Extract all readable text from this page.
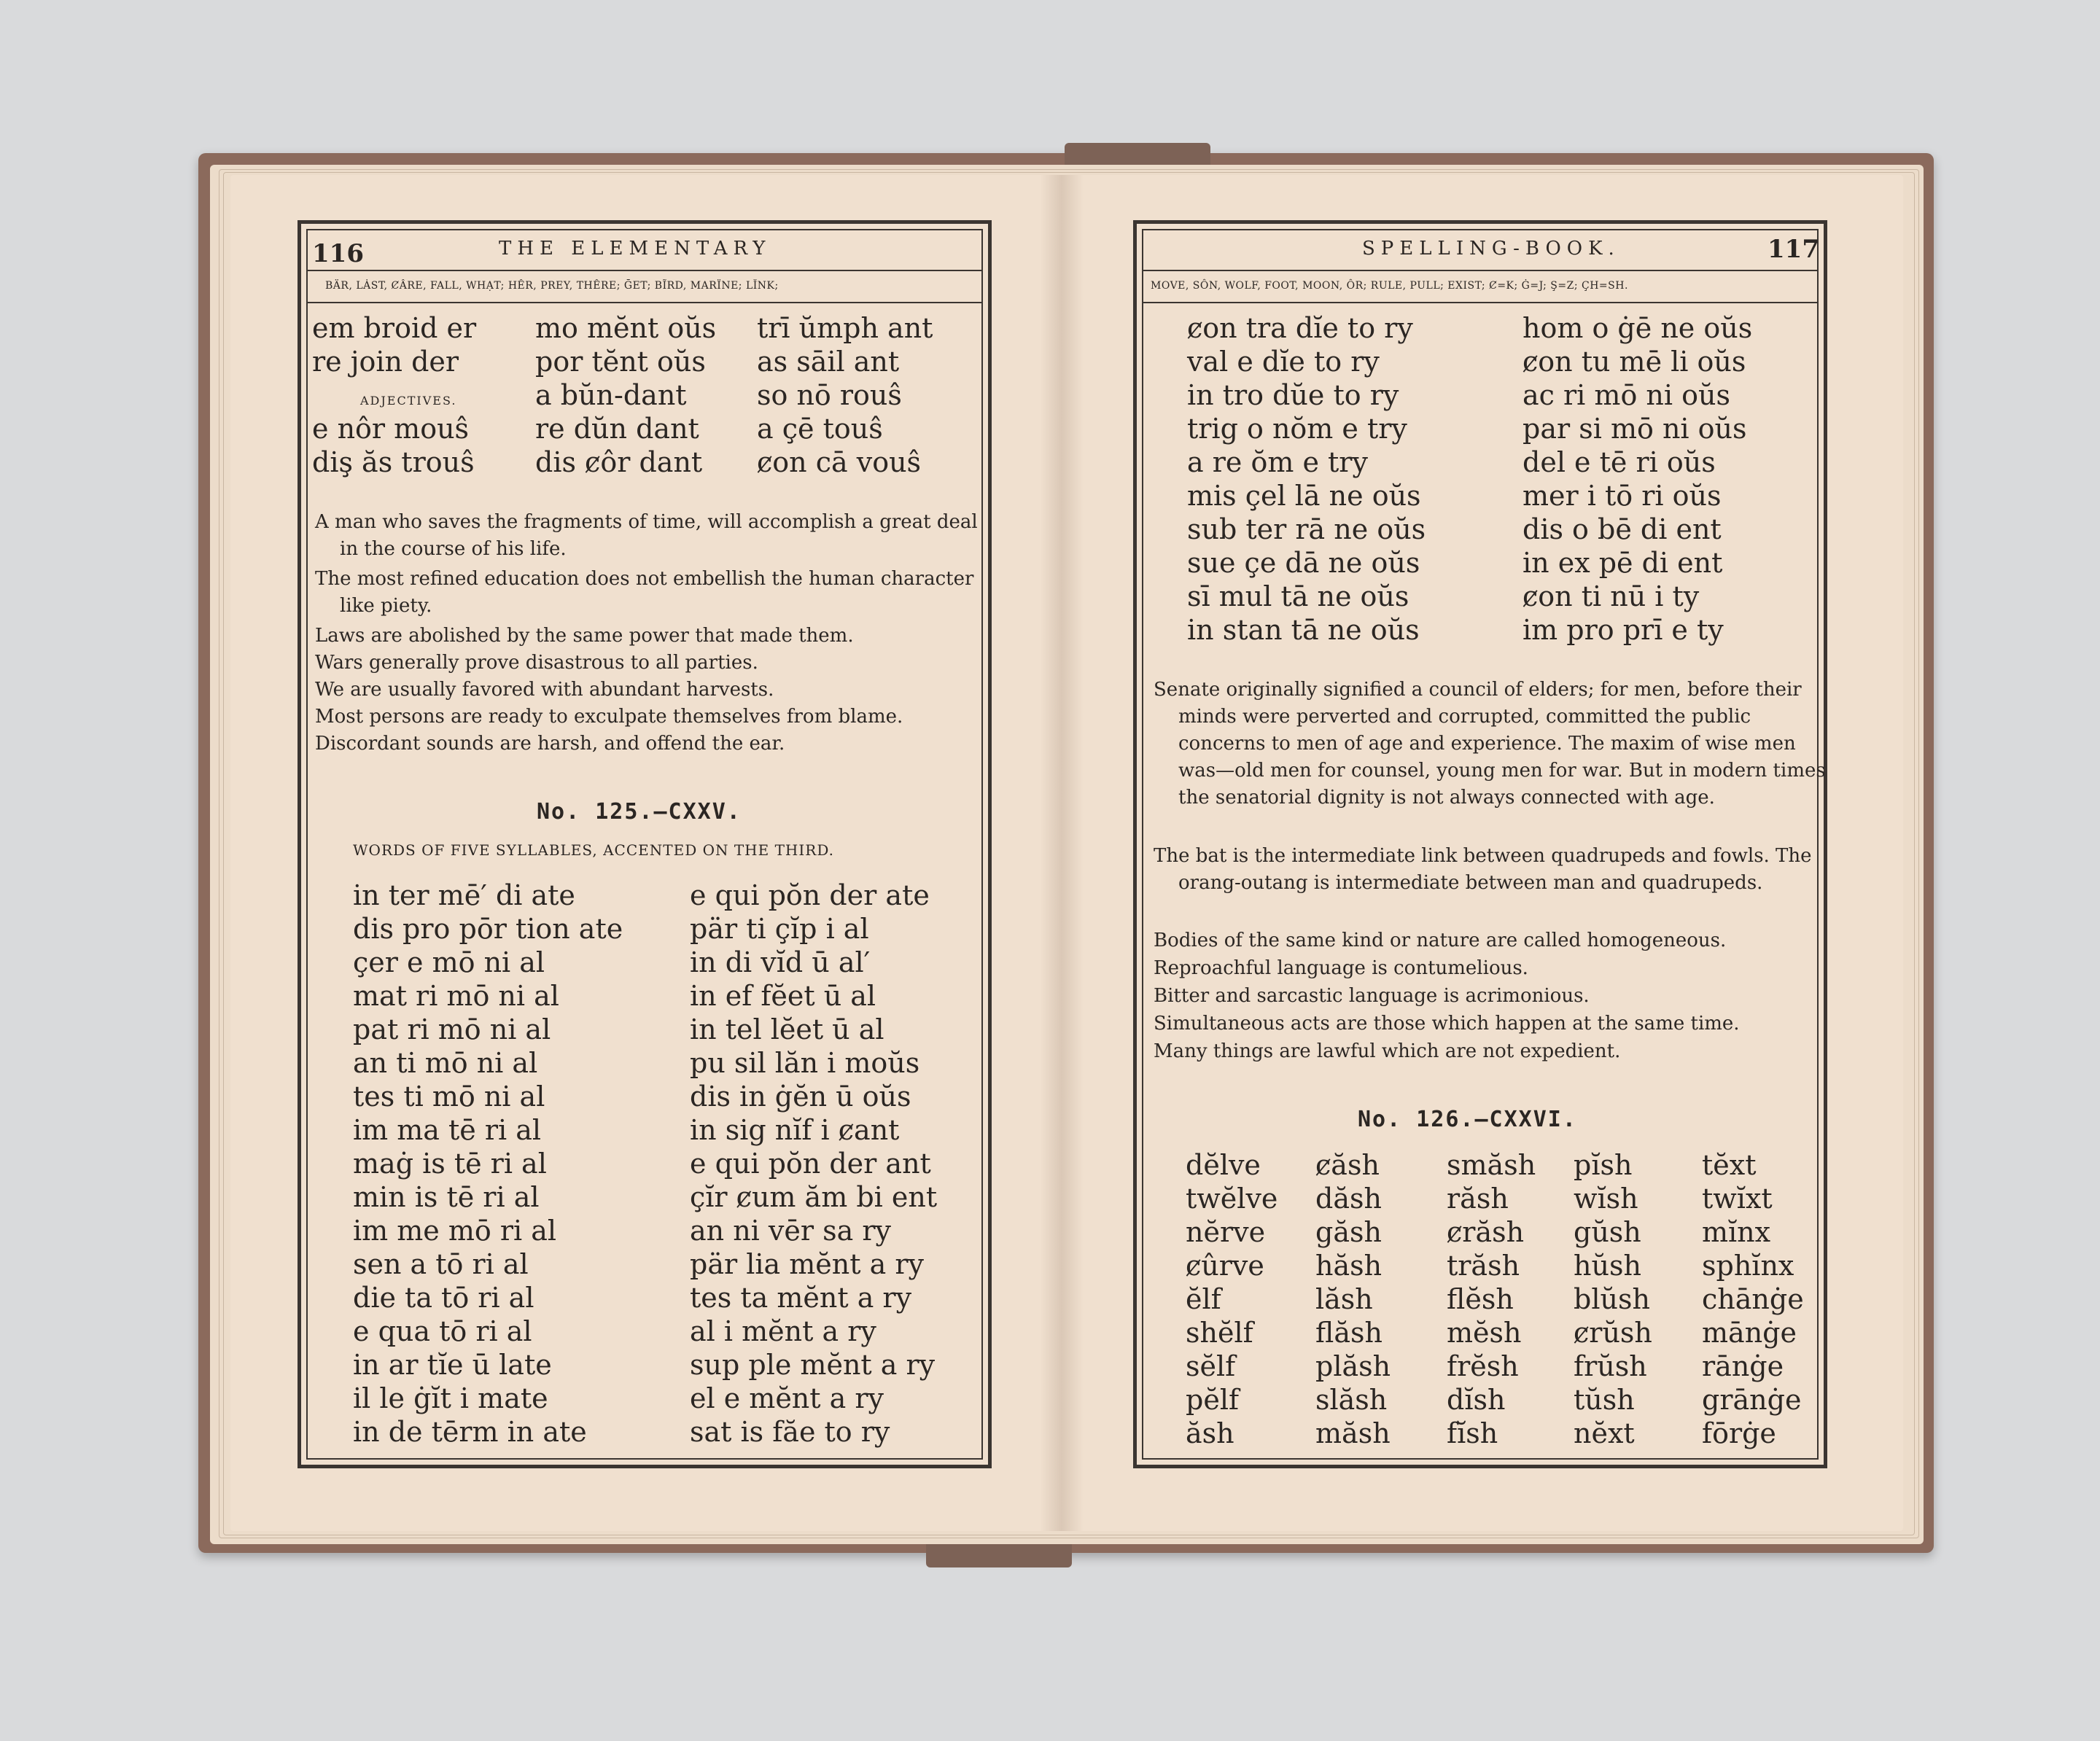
116	THE ELEMENTARY
BÄR, LȦST, ȻÂRE, FALL, WHẠT; HÊR, PREY, THÊRE; ḠET; BĨRD, MARÏNE; LĬNK;
em broid er
re join der
ADJECTIVES.
e nôr mouŝ
diş ăs trouŝ
mo mĕnt oŭs
por tĕnt oŭs
a bŭn-dant
re dŭn dant
dis ȼôr dant
trī ŭmph ant
as sāil ant
so nō rouŝ
a çē touŝ
ȼon cā vouŝ
A man who saves the fragments of time, will accomplish a great deal in the course of his life.
The most refined education does not embellish the human character like piety.
Laws are abolished by the same power that made them.
Wars generally prove disastrous to all parties.
We are usually favored with abundant harvests.
Most persons are ready to exculpate themselves from blame.
Discordant sounds are harsh, and offend the ear.
No. 125.—CXXV.
WORDS OF FIVE SYLLABLES, ACCENTED ON THE THIRD.
in ter mē′ di ate
dis pro pōr tion ate
çer e mō ni al
mat ri mō ni al
pat ri mō ni al
an ti mō ni al
tes ti mō ni al
im ma tē ri al
maġ is tē ri al
min is tē ri al
im me mō ri al
sen a tō ri al
die ta tō ri al
e qua tō ri al
in ar tĭe ū late
il le ġĭt i mate
in de tērm in ate
e qui pŏn der ate
pär ti çĭp i al
in di vĭd ū al′
in ef fĕet ū al
in tel lĕet ū al
pu sil lăn i moŭs
dis in ġĕn ū oŭs
in sig nĭf i ȼant
e qui pŏn der ant
çĭr ȼum ăm bi ent
an ni vēr sa ry
pär lia mĕnt a ry
tes ta mĕnt a ry
al i mĕnt a ry
sup ple mĕnt a ry
el e mĕnt a ry
sat is făe to ry
SPELLING-BOOK.	117
MOVE, SÔN, WOLF, FOOT, MOON, ÔR; RULE, PULL; EXIST; Ȼ=K; Ġ=J; Ş=Z; ÇH=SH.
ȼon tra dĭe to ry
val e dĭe to ry
in tro dŭe to ry
trig o nŏm e try
a re ŏm e try
mis çel lā ne oŭs
sub ter rā ne oŭs
sue çe dā ne oŭs
sī mul tā ne oŭs
in stan tā ne oŭs
hom o ġē ne oŭs
ȼon tu mē li oŭs
ac ri mō ni oŭs
par si mō ni oŭs
del e tē ri oŭs
mer i tō ri oŭs
dis o bē di ent
in ex pē di ent
ȼon ti nū i ty
im pro prī e ty
Senate originally signified a council of elders; for men, before their minds were perverted and corrupted, committed the public concerns to men of age and experience. The maxim of wise men was—old men for counsel, young men for war. But in modern times the senatorial dignity is not always connected with age.
The bat is the intermediate link between quadrupeds and fowls. The orang-outang is intermediate between man and quadrupeds.
Bodies of the same kind or nature are called homogeneous.
Reproachful language is contumelious.
Bitter and sarcastic language is acrimonious.
Simultaneous acts are those which happen at the same time.
Many things are lawful which are not expedient.
No. 126.—CXXVI.
dĕlve
twĕlve
nĕrve
ȼûrve
ĕlf
shĕlf
sĕlf
pĕlf
ăsh
ȼăsh
dăsh
găsh
hăsh
lăsh
flăsh
plăsh
slăsh
măsh
smăsh
răsh
ȼrăsh
trăsh
flĕsh
mĕsh
frĕsh
dĭsh
fĭsh
pĭsh
wĭsh
gŭsh
hŭsh
blŭsh
ȼrŭsh
frŭsh
tŭsh
nĕxt
tĕxt
twĭxt
mĭnx
sphĭnx
chānġe
mānġe
rānġe
grānġe
fōrġe
